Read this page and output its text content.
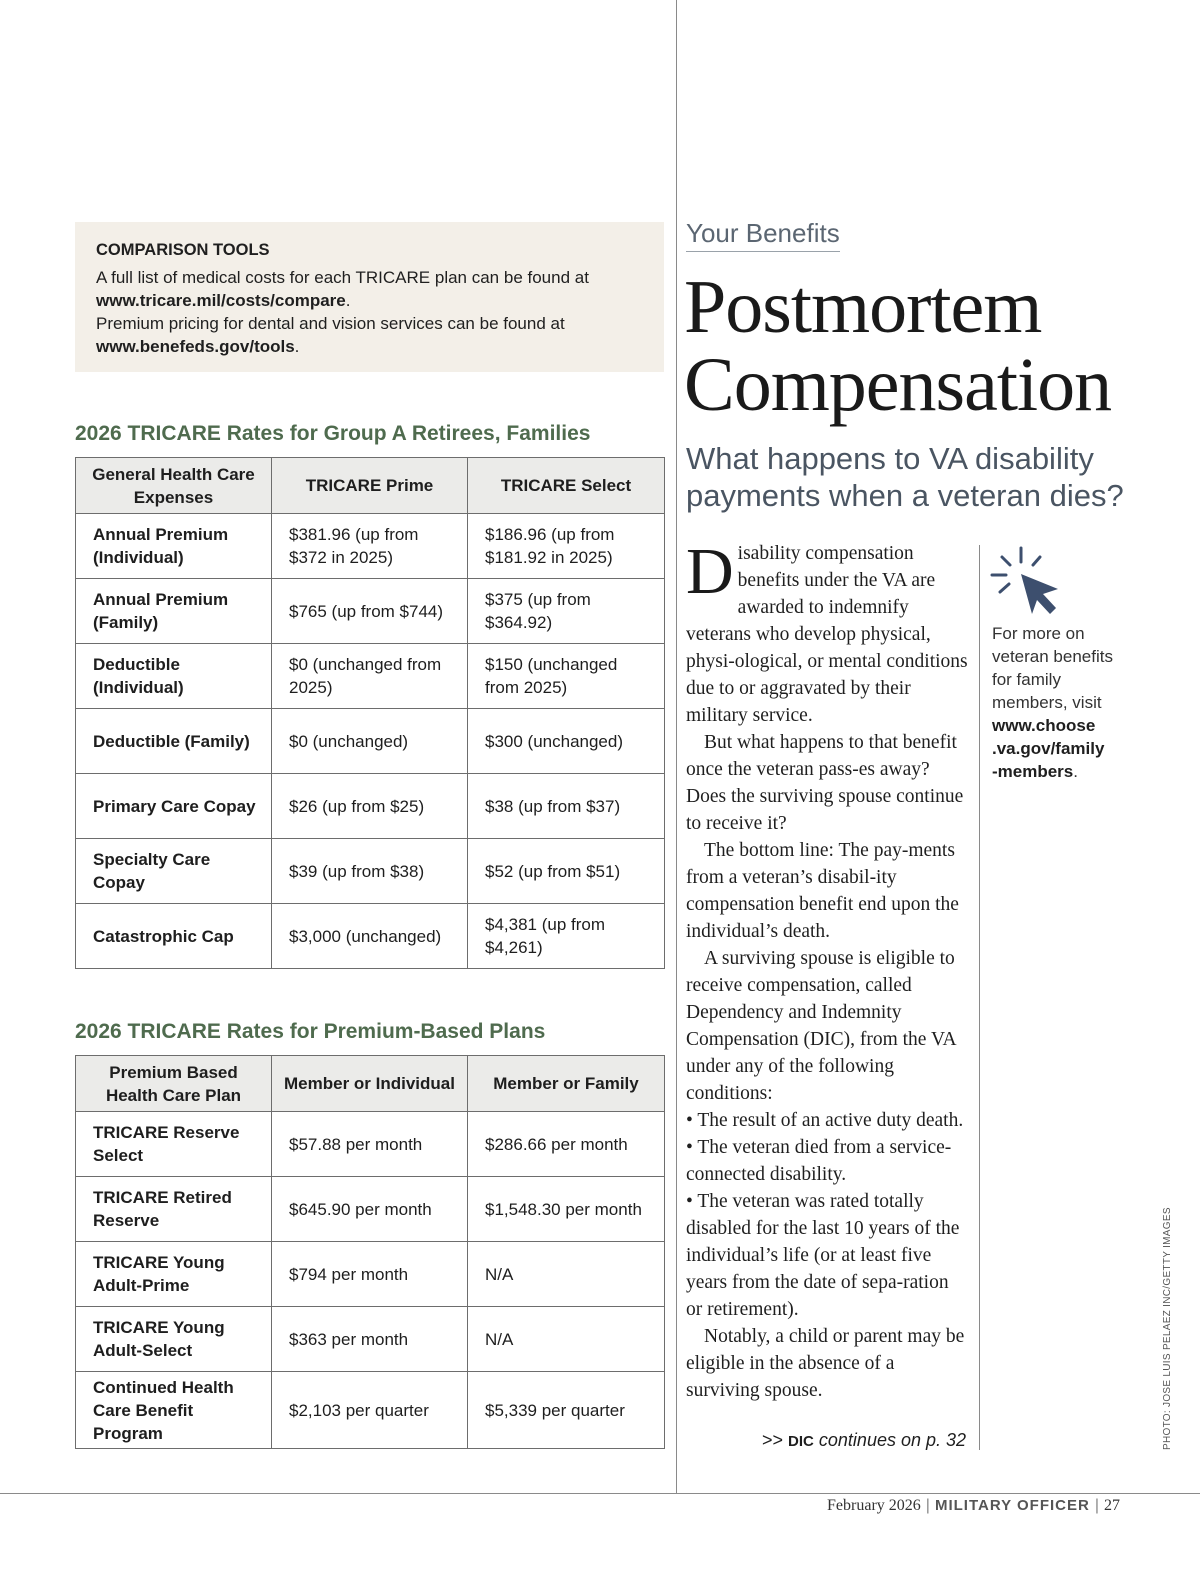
COMPARISON TOOLS
A full list of medical costs for each TRICARE plan can be found at
www.tricare.mil/costs/compare.
Premium pricing for dental and vision services can be found at
www.benefeds.gov/tools.
2026 TRICARE Rates for Group A Retirees, Families
General Health Care Expenses	TRICARE Prime	TRICARE Select
Annual Premium (Individual)	$381.96 (up from $372 in 2025)	$186.96 (up from $181.92 in 2025)
Annual Premium (Family)	$765 (up from $744)	$375 (up from $364.92)
Deductible (Individual)	$0 (unchanged from 2025)	$150 (unchanged from 2025)
Deductible (Family)	$0 (unchanged)	$300 (unchanged)
Primary Care Copay	$26 (up from $25)	$38 (up from $37)
Specialty Care Copay	$39 (up from $38)	$52 (up from $51)
Catastrophic Cap	$3,000 (unchanged)	$4,381 (up from $4,261)
2026 TRICARE Rates for Premium-Based Plans
Premium Based Health Care Plan	Member or Individual	Member or Family
TRICARE Reserve Select	$57.88 per month	$286.66 per month
TRICARE Retired Reserve	$645.90 per month	$1,548.30 per month
TRICARE Young Adult-Prime	$794 per month	N/A
TRICARE Young Adult-Select	$363 per month	N/A
Continued Health Care Benefit Program	$2,103 per quarter	$5,339 per quarter
Your Benefits
Postmortem
Compensation
What happens to VA disability payments when a veteran dies?

Disability compensation benefits under the VA are awarded to indemnify veterans who develop physical, physi-ological, or mental conditions due to or aggravated by their military service.

But what happens to that benefit once the veteran pass-es away? Does the surviving spouse continue to receive it?

The bottom line: The pay-ments from a veteran’s disabil-ity compensation benefit end upon the individual’s death.

A surviving spouse is eligible to receive compensation, called Dependency and Indemnity Compensation (DIC), from the VA under any of the following conditions:

• The result of an active duty death.

• The veteran died from a service-connected disability.

• The veteran was rated totally disabled for the last 10 years of the individual’s life (or at least five years from the date of sepa-ration or retirement).

Notably, a child or parent may be eligible in the absence of a surviving spouse.

>> DIC continues on p. 32
For more on veteran benefits for family members, visit
www.choose
.va.gov/family
-members.
PHOTO: JOSE LUIS PELAEZ INC/GETTY IMAGES
February 2026 | MILITARY OFFICER | 27
